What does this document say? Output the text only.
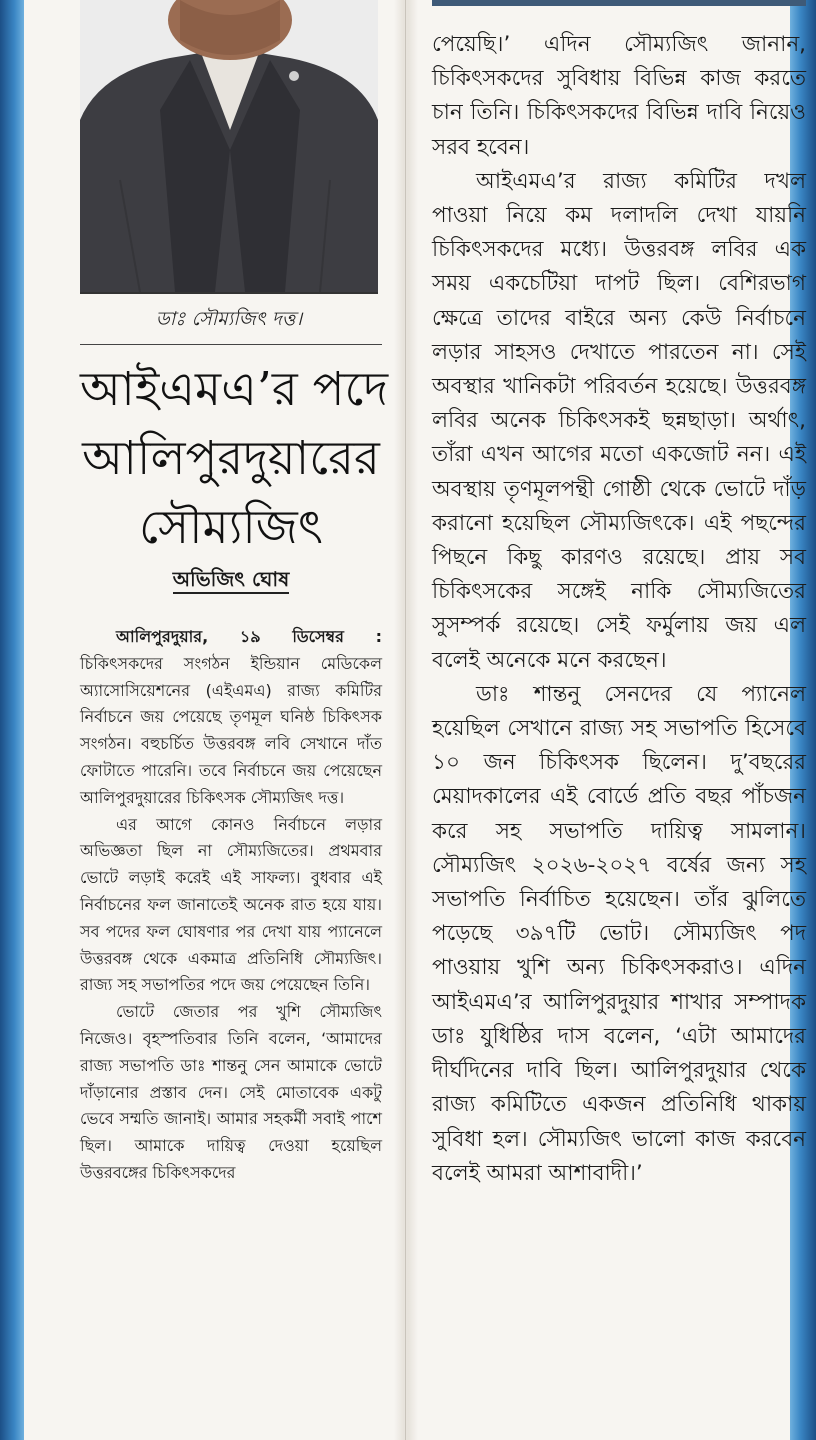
ডাঃ সৌম্যজিৎ দত্ত।
আইএমএ’র পদে
আলিপুরদুয়ারের
সৌম্যজিৎ
অভিজিৎ ঘোষ

আলিপুরদুয়ার, ১৯ ডিসেম্বর : চিকিৎসকদের সংগঠন ইন্ডিয়ান মেডিকেল অ্যাসোসিয়েশনের (এইএমএ) রাজ্য কমিটির নির্বাচনে জয় পেয়েছে তৃণমূল ঘনিষ্ঠ চিকিৎসক সংগঠন। বহুচর্চিত উত্তরবঙ্গ লবি সেখানে দাঁত ফোটাতে পারেনি। তবে নির্বাচনে জয় পেয়েছেন আলিপুরদুয়ারের চিকিৎসক সৌম্যজিৎ দত্ত।

এর আগে কোনও নির্বাচনে লড়ার অভিজ্ঞতা ছিল না সৌম্যজিতের। প্রথমবার ভোটে লড়াই করেই এই সাফল্য। বুধবার এই নির্বাচনের ফল জানাতেই অনেক রাত হয়ে যায়। সব পদের ফল ঘোষণার পর দেখা যায় প্যানেলে উত্তরবঙ্গ থেকে একমাত্র প্রতিনিধি সৌম্যজিৎ। রাজ্য সহ সভাপতির পদে জয় পেয়েছেন তিনি।

ভোটে জেতার পর খুশি সৌম্যজিৎ নিজেও। বৃহস্পতিবার তিনি বলেন, ‘আমাদের রাজ্য সভাপতি ডাঃ শান্তনু সেন আমাকে ভোটে দাঁড়ানোর প্রস্তাব দেন। সেই মোতাবেক একটু ভেবে সম্মতি জানাই। আমার সহকর্মী সবাই পাশে ছিল। আমাকে দায়িত্ব দেওয়া হয়েছিল উত্তরবঙ্গের চিকিৎসকদের

পেয়েছি।’ এদিন সৌম্যজিৎ জানান, চিকিৎসকদের সুবিধায় বিভিন্ন কাজ করতে চান তিনি। চিকিৎসকদের বিভিন্ন দাবি নিয়েও সরব হবেন।

আইএমএ’র রাজ্য কমিটির দখল পাওয়া নিয়ে কম দলাদলি দেখা যায়নি চিকিৎসকদের মধ্যে। উত্তরবঙ্গ লবির এক সময় একচেটিয়া দাপট ছিল। বেশিরভাগ ক্ষেত্রে তাদের বাইরে অন্য কেউ নির্বাচনে লড়ার সাহসও দেখাতে পারতেন না। সেই অবস্থার খানিকটা পরিবর্তন হয়েছে। উত্তরবঙ্গ লবির অনেক চিকিৎসকই ছন্নছাড়া। অর্থাৎ, তাঁরা এখন আগের মতো একজোট নন। এই অবস্থায় তৃণমূলপন্থী গোষ্ঠী থেকে ভোটে দাঁড় করানো হয়েছিল সৌম্যজিৎকে। এই পছন্দের পিছনে কিছু কারণও রয়েছে। প্রায় সব চিকিৎসকের সঙ্গেই নাকি সৌম্যজিতের সুসম্পর্ক রয়েছে। সেই ফর্মুলায় জয় এল বলেই অনেকে মনে করছেন।

ডাঃ শান্তনু সেনদের যে প্যানেল হয়েছিল সেখানে রাজ্য সহ সভাপতি হিসেবে ১০ জন চিকিৎসক ছিলেন। দু’বছরের মেয়াদকালের এই বোর্ডে প্রতি বছর পাঁচজন করে সহ সভাপতি দায়িত্ব সামলান। সৌম্যজিৎ ২০২৬-২০২৭ বর্ষের জন্য সহ সভাপতি নির্বাচিত হয়েছেন। তাঁর ঝুলিতে পড়েছে ৩৯৭টি ভোট। সৌম্যজিৎ পদ পাওয়ায় খুশি অন্য চিকিৎসকরাও। এদিন আইএমএ’র আলিপুরদুয়ার শাখার সম্পাদক ডাঃ যুধিষ্ঠির দাস বলেন, ‘এটা আমাদের দীর্ঘদিনের দাবি ছিল। আলিপুরদুয়ার থেকে রাজ্য কমিটিতে একজন প্রতিনিধি থাকায় সুবিধা হল। সৌম্যজিৎ ভালো কাজ করবেন বলেই আমরা আশাবাদী।’
